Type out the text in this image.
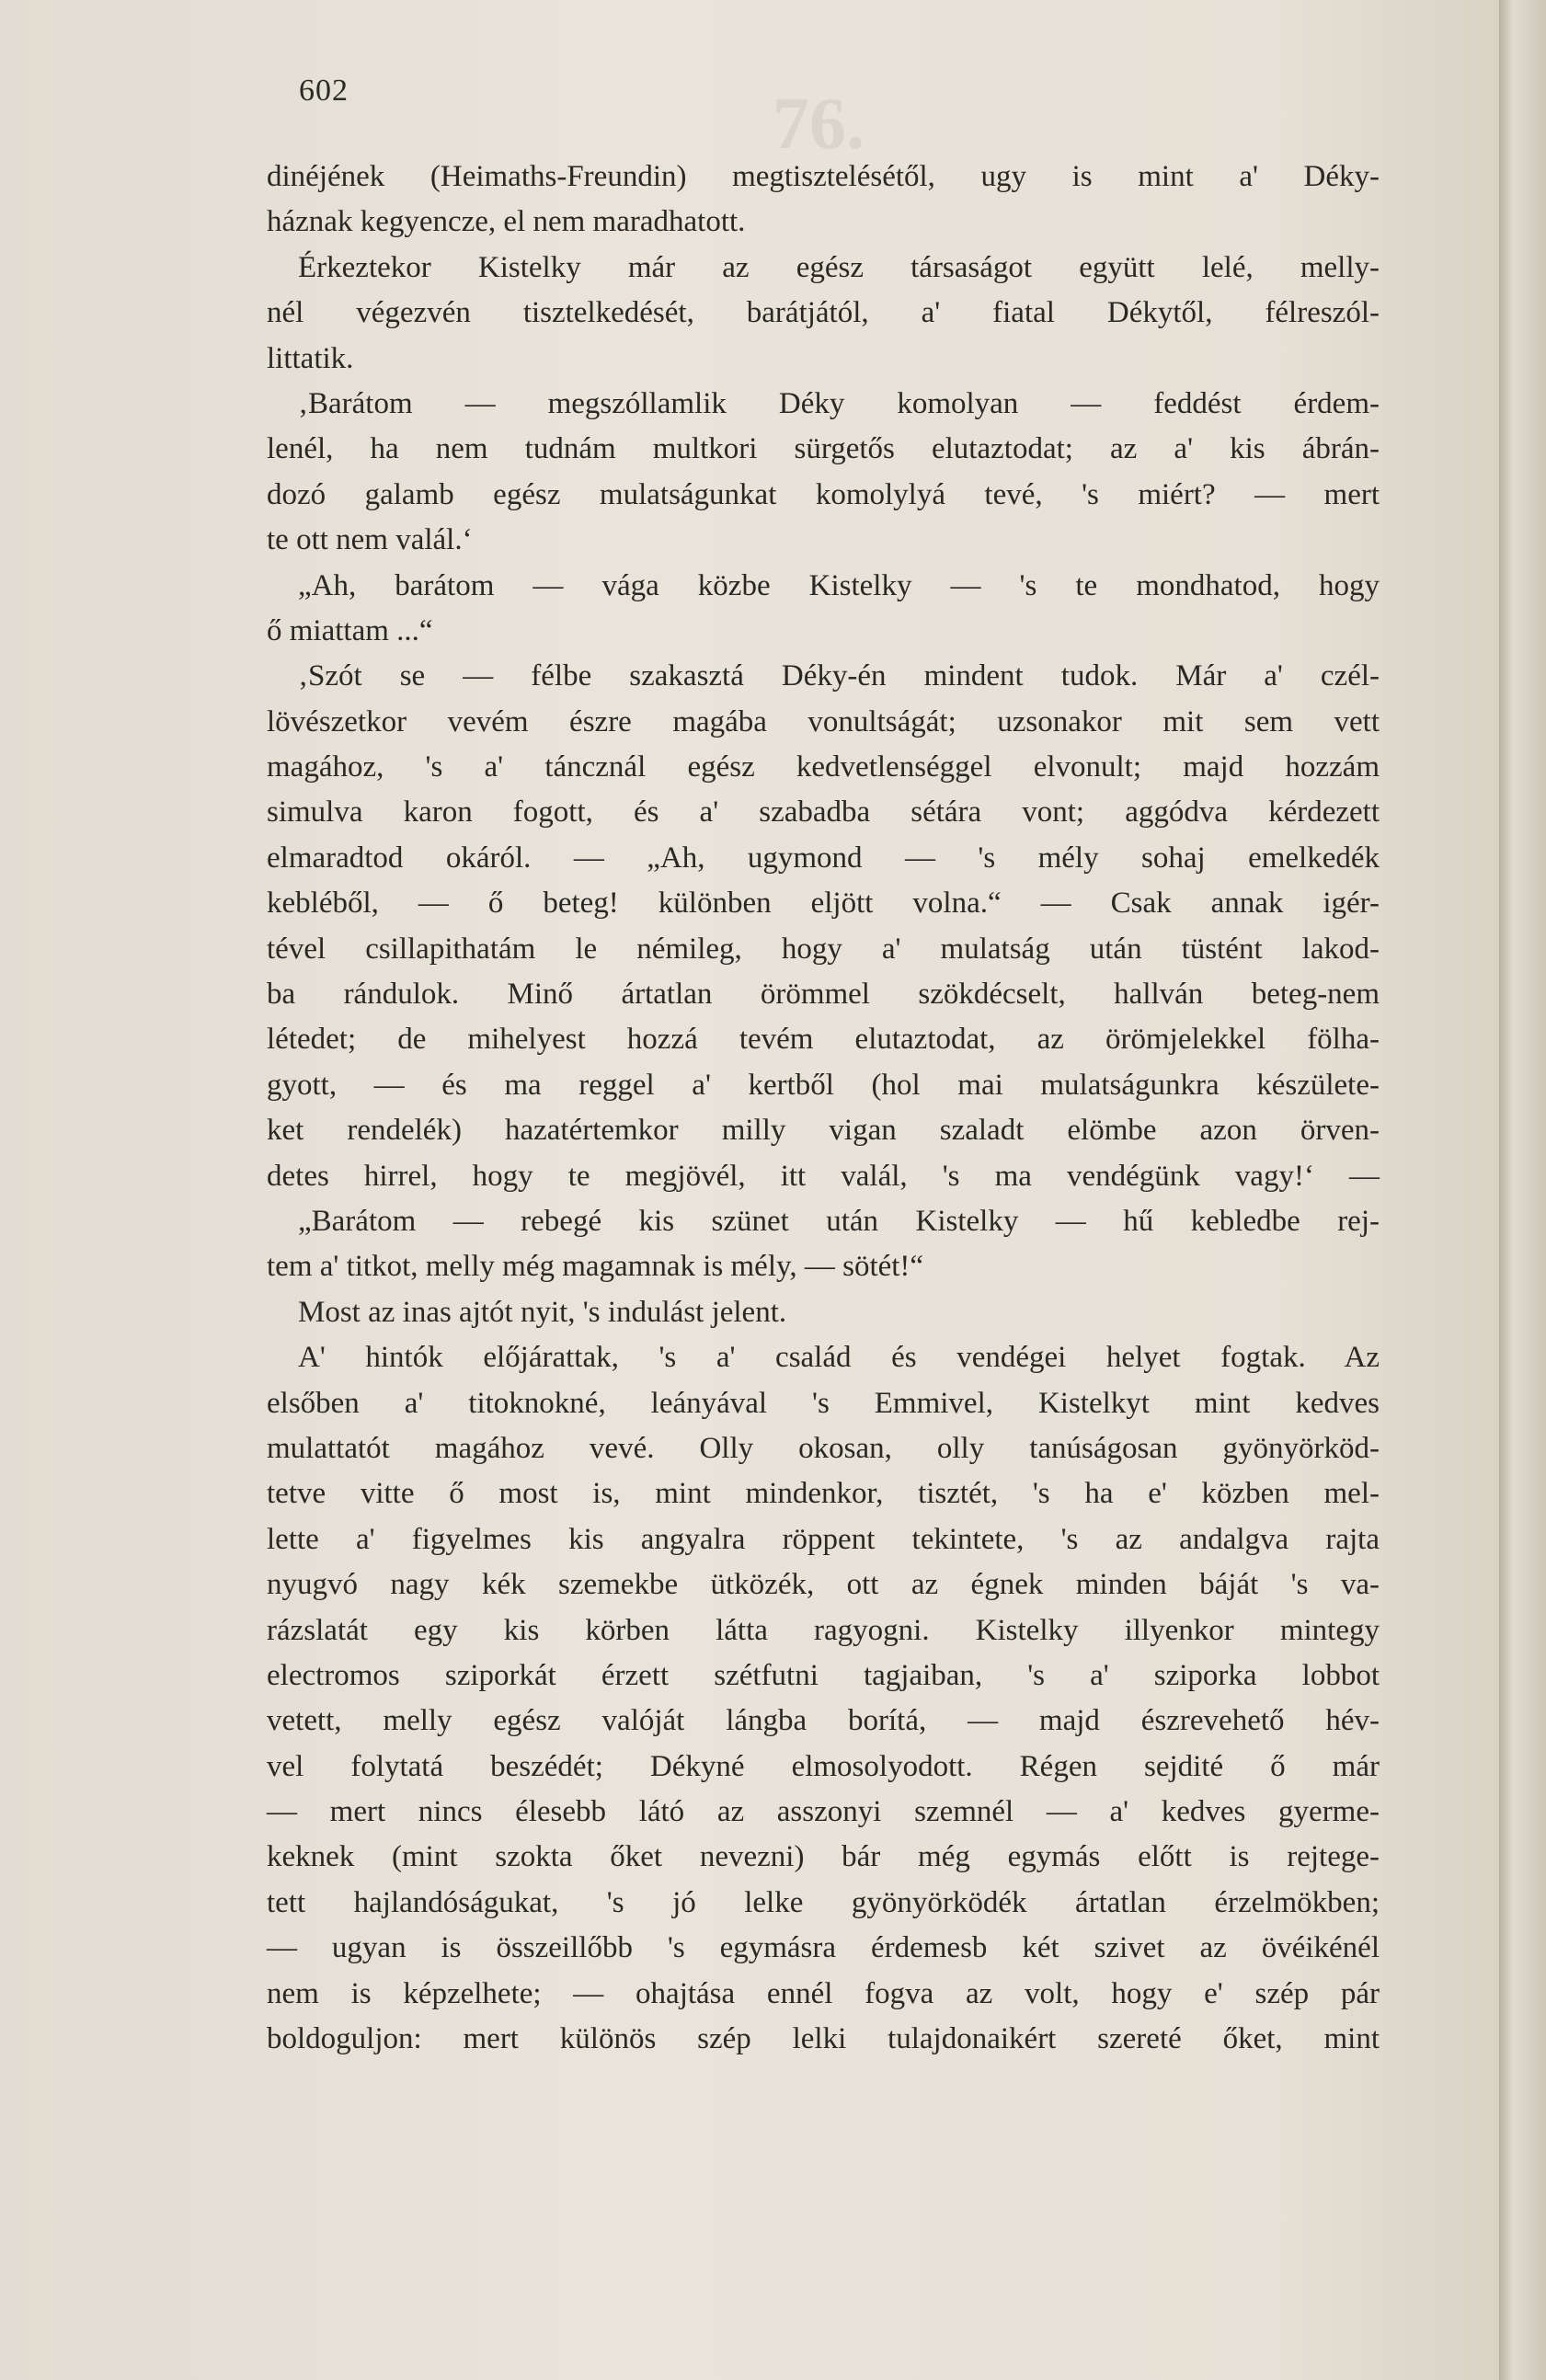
76.
602
dinéjének (Heimaths-Freundin) megtisztelésétől, ugy is mint a' Déky-
háznak kegyencze, el nem maradhatott.
Érkeztekor Kistelky már az egész társaságot együtt lelé, melly-
nél végezvén tisztelkedését, barátjától, a' fiatal Dékytől, félreszól-
littatik.
‚Barátom — megszóllamlik Déky komolyan — feddést érdem-
lenél, ha nem tudnám multkori sürgetős elutaztodat; az a' kis ábrán-
dozó galamb egész mulatságunkat komolylyá tevé, 's miért? — mert
te ott nem valál.‘
„Ah, barátom — vága közbe Kistelky — 's te mondhatod, hogy
ő miattam ...“
‚Szót se — félbe szakasztá Déky-én mindent tudok. Már a' czél-
lövészetkor vevém észre magába vonultságát; uzsonakor mit sem vett
magához, 's a' táncznál egész kedvetlenséggel elvonult; majd hozzám
simulva karon fogott, és a' szabadba sétára vont; aggódva kérdezett
elmaradtod okáról. — „Ah, ugymond — 's mély sohaj emelkedék
kebléből, — ő beteg! különben eljött volna.“ — Csak annak igér-
tével csillapithatám le némileg, hogy a' mulatság után tüstént lakod-
ba rándulok. Minő ártatlan örömmel szökdécselt, hallván beteg-nem
létedet; de mihelyest hozzá tevém elutaztodat, az örömjelekkel fölha-
gyott, — és ma reggel a' kertből (hol mai mulatságunkra készülete-
ket rendelék) hazatértemkor milly vigan szaladt elömbe azon örven-
detes hirrel, hogy te megjövél, itt valál, 's ma vendégünk vagy!‘ —
„Barátom — rebegé kis szünet után Kistelky — hű kebledbe rej-
tem a' titkot, melly még magamnak is mély, — sötét!“
Most az inas ajtót nyit, 's indulást jelent.
A' hintók előjárattak, 's a' család és vendégei helyet fogtak. Az
elsőben a' titoknokné, leányával 's Emmivel, Kistelkyt mint kedves
mulattatót magához vevé. Olly okosan, olly tanúságosan gyönyörköd-
tetve vitte ő most is, mint mindenkor, tisztét, 's ha e' közben mel-
lette a' figyelmes kis angyalra röppent tekintete, 's az andalgva rajta
nyugvó nagy kék szemekbe ütközék, ott az égnek minden báját 's va-
rázslatát egy kis körben látta ragyogni. Kistelky illyenkor mintegy
electromos sziporkát érzett szétfutni tagjaiban, 's a' sziporka lobbot
vetett, melly egész valóját lángba borítá, — majd észrevehető hév-
vel folytatá beszédét; Dékyné elmosolyodott. Régen sejdité ő már
— mert nincs élesebb látó az asszonyi szemnél — a' kedves gyerme-
keknek (mint szokta őket nevezni) bár még egymás előtt is rejtege-
tett hajlandóságukat, 's jó lelke gyönyörködék ártatlan érzelmökben;
— ugyan is összeillőbb 's egymásra érdemesb két szivet az övéikénél
nem is képzelhete; — ohajtása ennél fogva az volt, hogy e' szép pár
boldoguljon: mert különös szép lelki tulajdonaikért szereté őket, mint
